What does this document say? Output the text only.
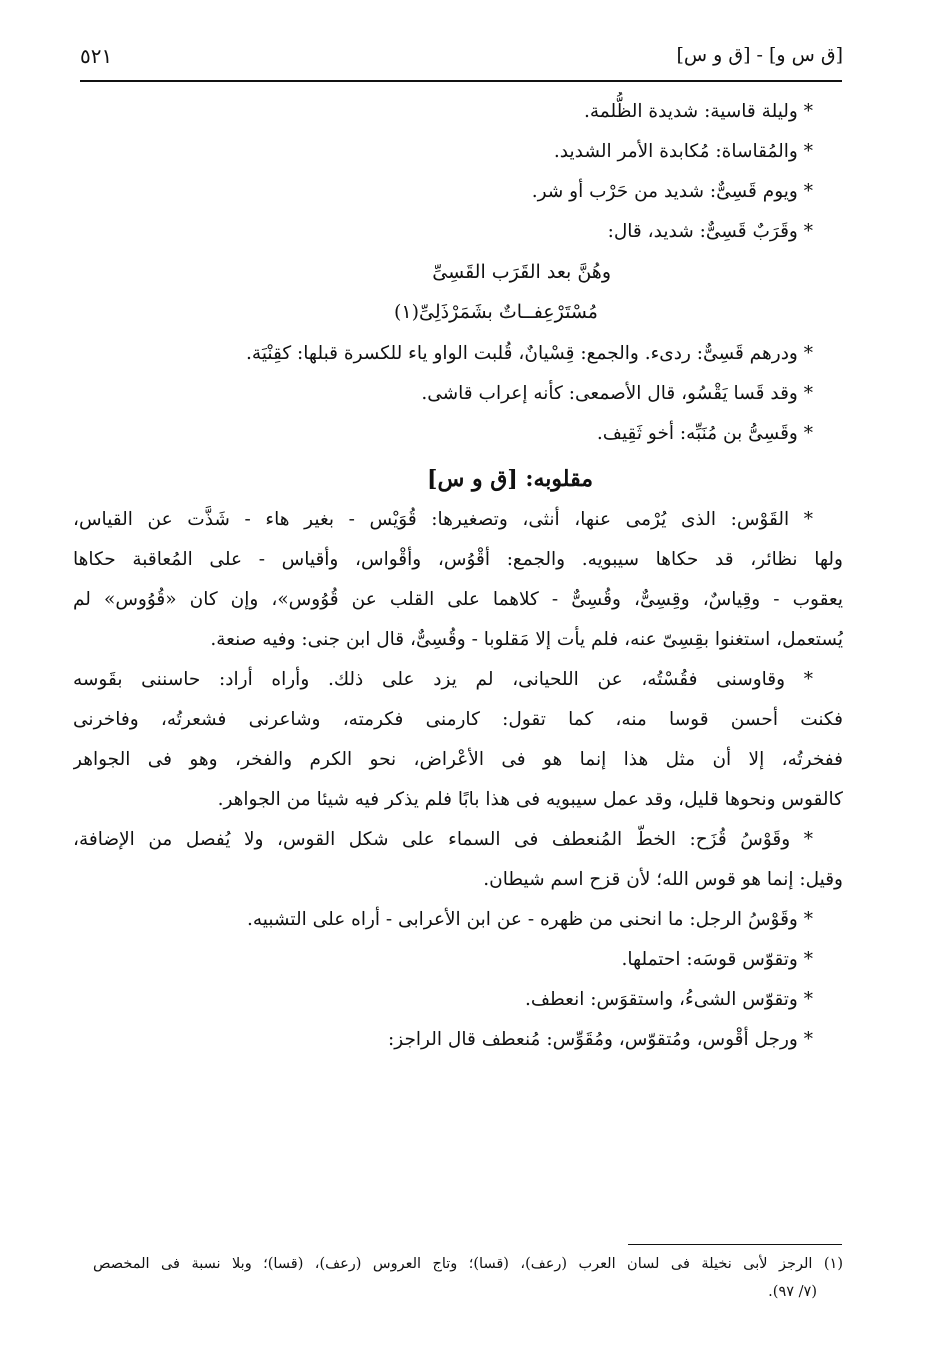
٥٢١	[ق س و] - [ق و س]
* وليلة قاسية: شديدة الظُّلمة.
* والمُقاساة: مُكابدة الأمر الشديد.
* ويوم قَسِىٌّ: شديد من حَرْب أو شر.
* وقَرَبٌ قَسِىٌّ: شديد، قال:
وهُنَّ بعد القَرَب القَسِىِّ
مُسْتَرْعِفــاتٌ بشَمَرْذَلِىِّ(١)
* ودرهم قَسِىٌّ: ردىء. والجمع: قِسْيانٌ، قُلبت الواو ياء للكسرة قبلها: كقِنْيَة.
* وقد قَسا يَقْسُو، قال الأصمعى: كأنه إعراب قاشى.
* وقَسِىُّ بن مُنَبِّه: أخو ثَقِيف.
مقلوبه: [ق و س]
* القَوْس: الذى يُرْمى عنها، أنثى، وتصغيرها: قُوَيْس - بغير هاء - شَذَّت عن القياس،
ولها نظائر، قد حكاها سيبويه. والجمع: أقْوُس، وأقْواس، وأقياس - على المُعاقبة حكاها
يعقوب - وقِياسٌ، وقِسِىٌّ، وقُسِىٌّ - كلاهما على القلب عن قُوُوس»، وإن كان «قُوُوس» لم
يُستعمل، استغنوا بقِسِىّ عنه، فلم يأت إلا مَقلوبا - وقُسِىٌّ، قال ابن جنى: وفيه صنعة.
* وقاوسنى فقُسْتُه، عن اللحيانى، لم يزد على ذلك. وأراه أراد: حاسننى بقَوسه
فكنت أحسن قوسا منه، كما تقول: كارمنى فكرمته، وشاعرنى فشعرتُه، وفاخرنى
ففخرتُه، إلا أن مثل هذا إنما هو فى الأعْراض، نحو الكرم والفخر، وهو فى الجواهر
كالقوس ونحوها قليل، وقد عمل سيبويه فى هذا بابًا فلم يذكر فيه شيئا من الجواهر.
* وقَوْسُ قُزَح: الخطّ المُنعطف فى السماء على شكل القوس، ولا يُفصل من الإضافة،
وقيل: إنما هو قوس الله؛ لأن قزح اسم شيطان.
* وقَوْسُ الرجل: ما انحنى من ظهره - عن ابن الأعرابى - أراه على التشبيه.
* وتقوّس قوسَه: احتملها.
* وتقوّس الشىءُ، واستقوَس: انعطف.
* ورجل أقْوس، ومُتقوّس، ومُقَوِّس: مُنعطف قال الراجز:
(١) الرجز لأبى نخيلة فى لسان العرب (رعف)، (قسا)؛ وتاج العروس (رعف)، (قسا)؛ وبلا نسبة فى المخصص
(٧/ ٩٧).
